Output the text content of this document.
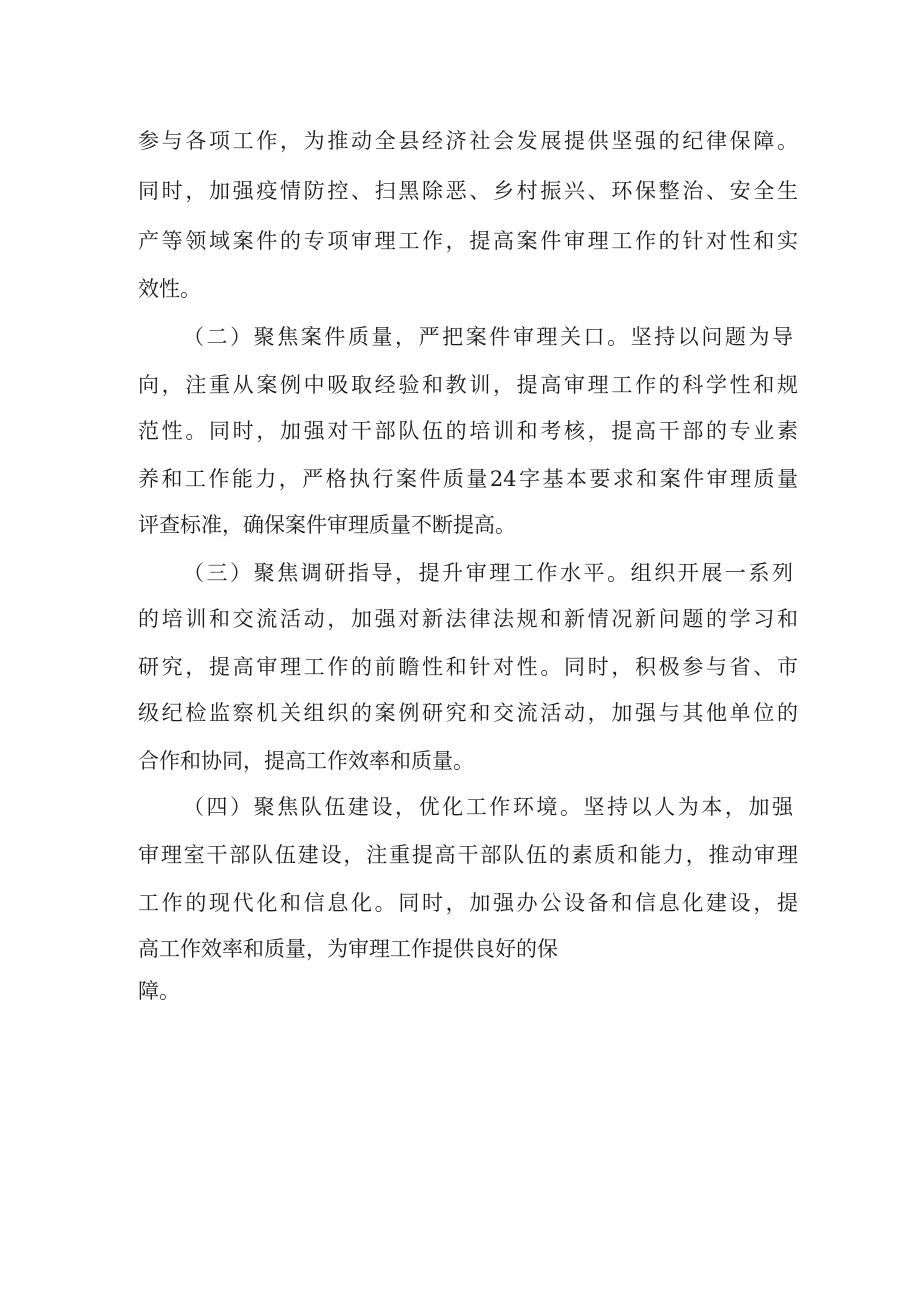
参与各项工作，为推动全县经济社会发展提供坚强的纪律保障。
同时，加强疫情防控、扫黑除恶、乡村振兴、环保整治、安全生
产等领域案件的专项审理工作，提高案件审理工作的针对性和实
效性。
（二）聚焦案件质量，严把案件审理关口。坚持以问题为导
向，注重从案例中吸取经验和教训，提高审理工作的科学性和规
范性。同时，加强对干部队伍的培训和考核，提高干部的专业素
养和工作能力，严格执行案件质量24字基本要求和案件审理质量
评查标准，确保案件审理质量不断提高。
（三）聚焦调研指导，提升审理工作水平。组织开展一系列
的培训和交流活动，加强对新法律法规和新情况新问题的学习和
研究，提高审理工作的前瞻性和针对性。同时，积极参与省、市
级纪检监察机关组织的案例研究和交流活动，加强与其他单位的
合作和协同，提高工作效率和质量。
（四）聚焦队伍建设，优化工作环境。坚持以人为本，加强
审理室干部队伍建设，注重提高干部队伍的素质和能力，推动审理
工作的现代化和信息化。同时，加强办公设备和信息化建设，提
高工作效率和质量，为审理工作提供良好的保
障。
